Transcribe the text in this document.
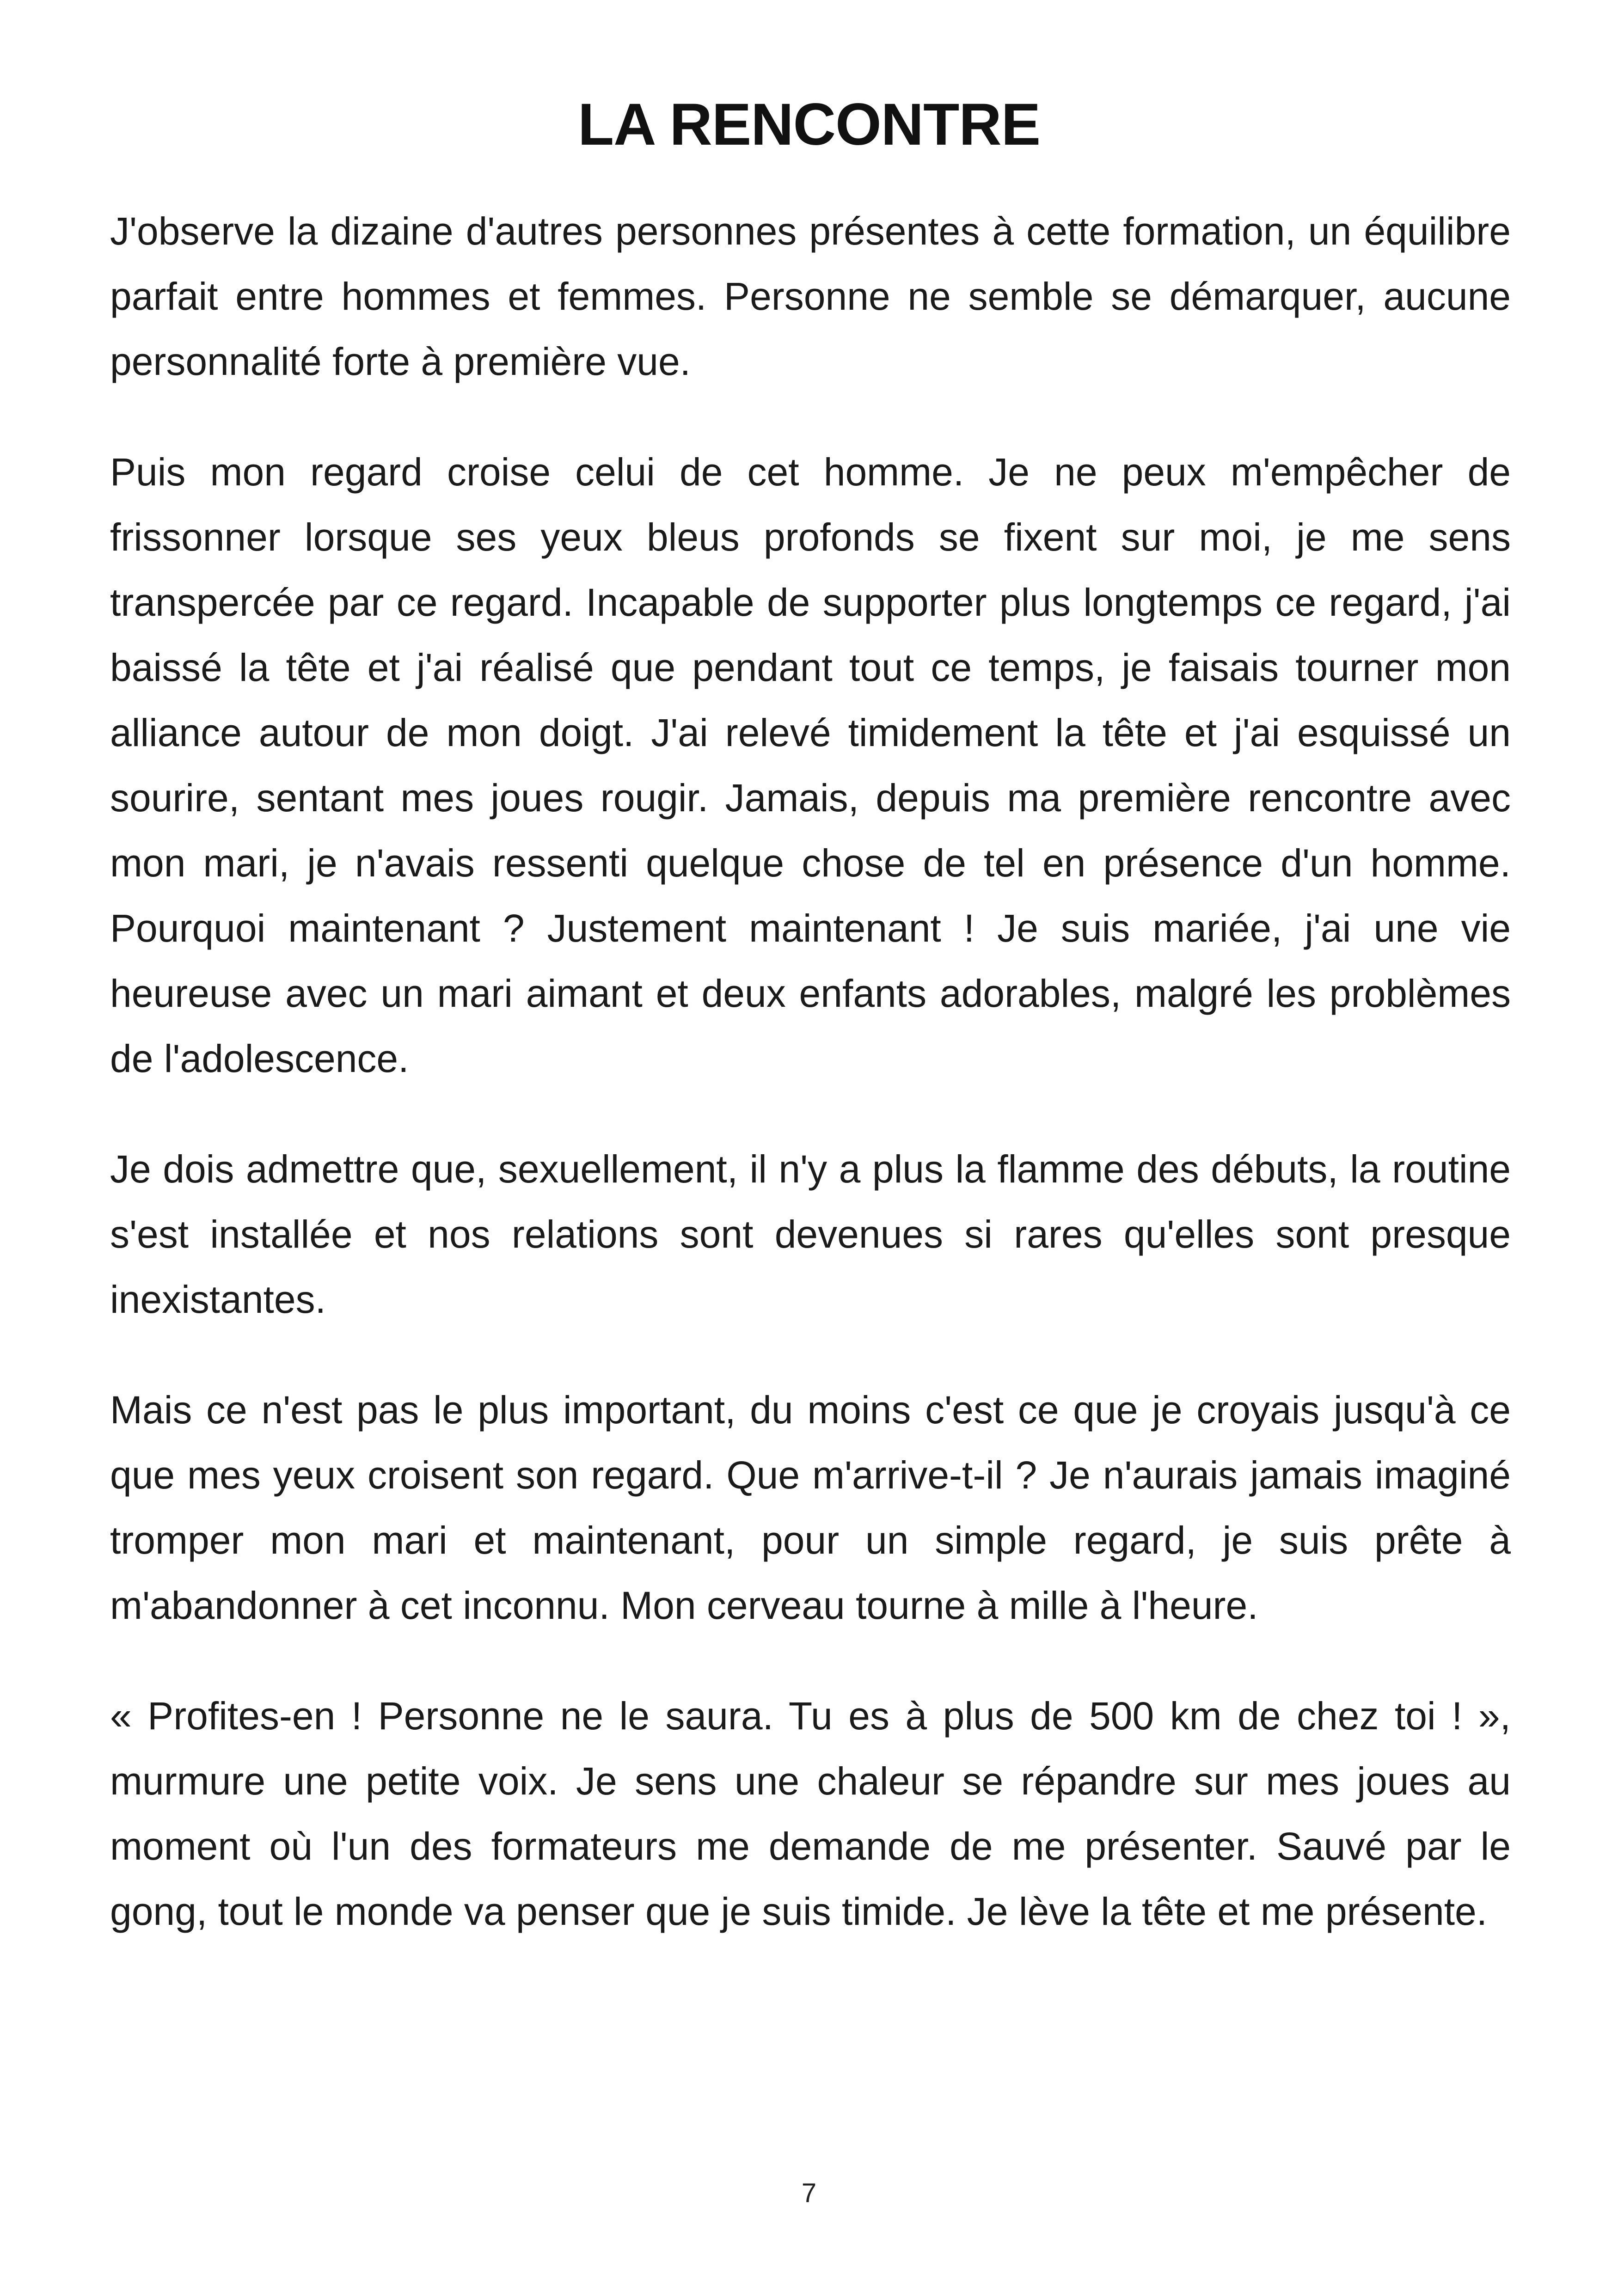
LA RENCONTRE

J'observe la dizaine d'autres personnes présentes à cette formation, un équilibre parfait entre hommes et femmes. Personne ne semble se démarquer, aucune personnalité forte à première vue.

Puis mon regard croise celui de cet homme. Je ne peux m'empêcher de frissonner lorsque ses yeux bleus profonds se fixent sur moi, je me sens transpercée par ce regard. Incapable de supporter plus longtemps ce regard, j'ai baissé la tête et j'ai réalisé que pendant tout ce temps, je faisais tourner mon alliance autour de mon doigt. J'ai relevé timidement la tête et j'ai esquissé un sourire, sentant mes joues rougir. Jamais, depuis ma première rencontre avec mon mari, je n'avais ressenti quelque chose de tel en présence d'un homme. Pourquoi maintenant ? Justement maintenant ! Je suis mariée, j'ai une vie heureuse avec un mari aimant et deux enfants adorables, malgré les problèmes de l'adolescence.

Je dois admettre que, sexuellement, il n'y a plus la flamme des débuts, la routine s'est installée et nos relations sont devenues si rares qu'elles sont presque inexistantes.

Mais ce n'est pas le plus important, du moins c'est ce que je croyais jusqu'à ce que mes yeux croisent son regard. Que m'arrive-t-il ? Je n'aurais jamais imaginé tromper mon mari et maintenant, pour un simple regard, je suis prête à m'abandonner à cet inconnu. Mon cerveau tourne à mille à l'heure.

« Profites-en ! Personne ne le saura. Tu es à plus de 500 km de chez toi ! », murmure une petite voix. Je sens une chaleur se répandre sur mes joues au moment où l'un des formateurs me demande de me présenter. Sauvé par le gong, tout le monde va penser que je suis timide. Je lève la tête et me présente.

7
